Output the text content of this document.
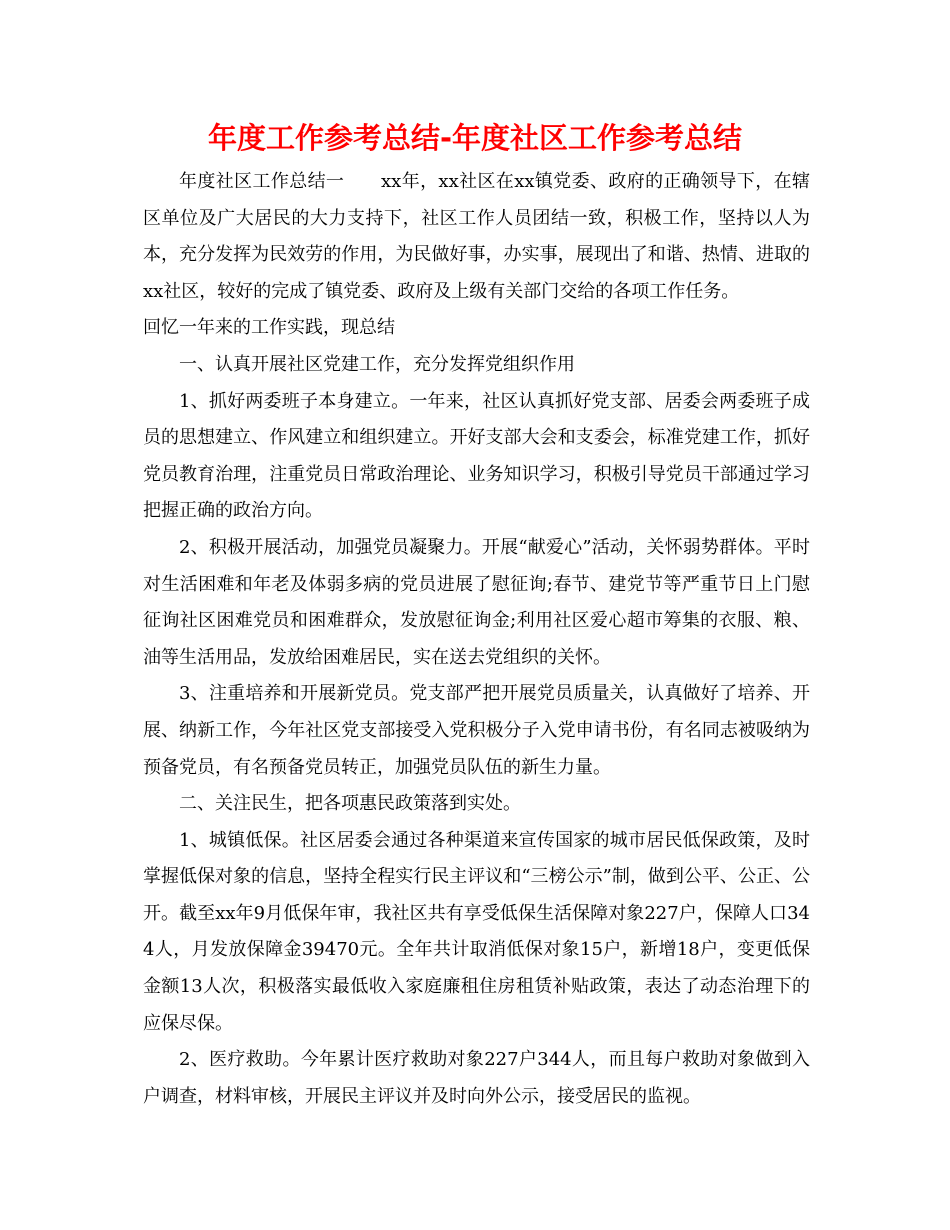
年度工作参考总结-年度社区工作参考总结

年度社区工作总结一　　xx年，xx社区在xx镇党委、政府的正确领导下，在辖区单位及广大居民的大力支持下，社区工作人员团结一致，积极工作，坚持以人为本，充分发挥为民效劳的作用，为民做好事，办实事，展现出了和谐、热情、进取的xx社区，较好的完成了镇党委、政府及上级有关部门交给的各项工作任务。

回忆一年来的工作实践，现总结

一、认真开展社区党建工作，充分发挥党组织作用

1、抓好两委班子本身建立。一年来，社区认真抓好党支部、居委会两委班子成员的思想建立、作风建立和组织建立。开好支部大会和支委会，标准党建工作，抓好党员教育治理，注重党员日常政治理论、业务知识学习，积极引导党员干部通过学习把握正确的政治方向。

2、积极开展活动，加强党员凝聚力。开展“献爱心”活动，关怀弱势群体。平时对生活困难和年老及体弱多病的党员进展了慰征询;春节、建党节等严重节日上门慰征询社区困难党员和困难群众，发放慰征询金;利用社区爱心超市筹集的衣服、粮、油等生活用品，发放给困难居民，实在送去党组织的关怀。

3、注重培养和开展新党员。党支部严把开展党员质量关，认真做好了培养、开展、纳新工作，今年社区党支部接受入党积极分子入党申请书份，有名同志被吸纳为预备党员，有名预备党员转正，加强党员队伍的新生力量。

二、关注民生，把各项惠民政策落到实处。

1、城镇低保。社区居委会通过各种渠道来宣传国家的城市居民低保政策，及时掌握低保对象的信息，坚持全程实行民主评议和“三榜公示”制，做到公平、公正、公开。截至xx年9月低保年审，我社区共有享受低保生活保障对象227户，保障人口344人，月发放保障金39470元。全年共计取消低保对象15户，新增18户，变更低保金额13人次，积极落实最低收入家庭廉租住房租赁补贴政策，表达了动态治理下的应保尽保。

2、医疗救助。今年累计医疗救助对象227户344人，而且每户救助对象做到入户调查，材料审核，开展民主评议并及时向外公示，接受居民的监视。
